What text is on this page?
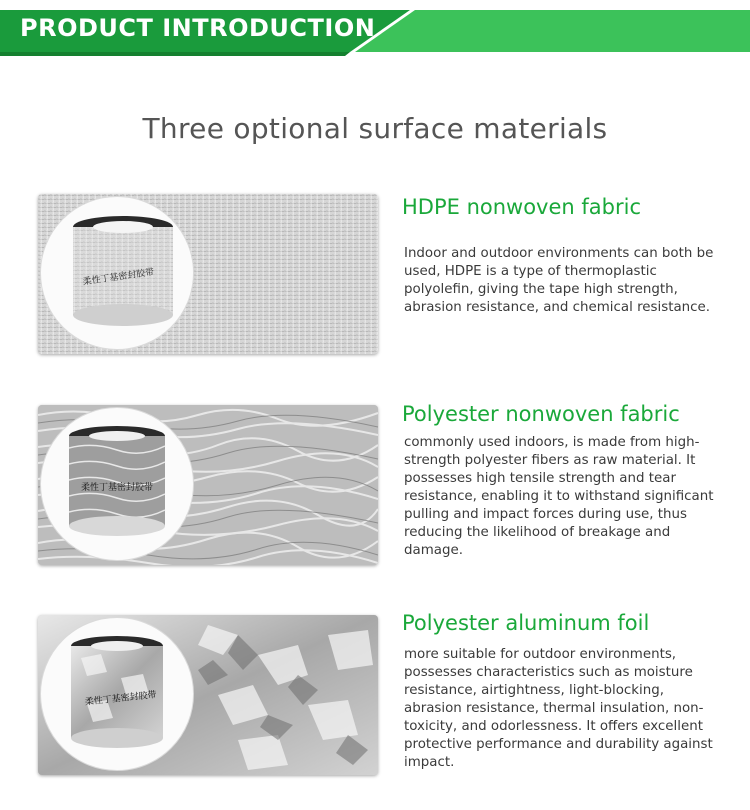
PRODUCT INTRODUCTION
Three optional surface materials
柔性丁基密封胶带
HDPE nonwoven fabric
Indoor and outdoor environments can both be used, HDPE is a type of thermoplastic polyolefin, giving the tape high strength, abrasion resistance, and chemical resistance.
柔性丁基密封胶带
Polyester nonwoven fabric
commonly used indoors, is made from high-strength polyester fibers as raw material. It possesses high tensile strength and tear resistance, enabling it to withstand significant pulling and impact forces during use, thus reducing the likelihood of breakage and damage.
柔性丁基密封胶带
Polyester aluminum foil
more suitable for outdoor environments, possesses characteristics such as moisture resistance, airtightness, light-blocking, abrasion resistance, thermal insulation, non-toxicity, and odorlessness. It offers excellent protective performance and durability against impact.
